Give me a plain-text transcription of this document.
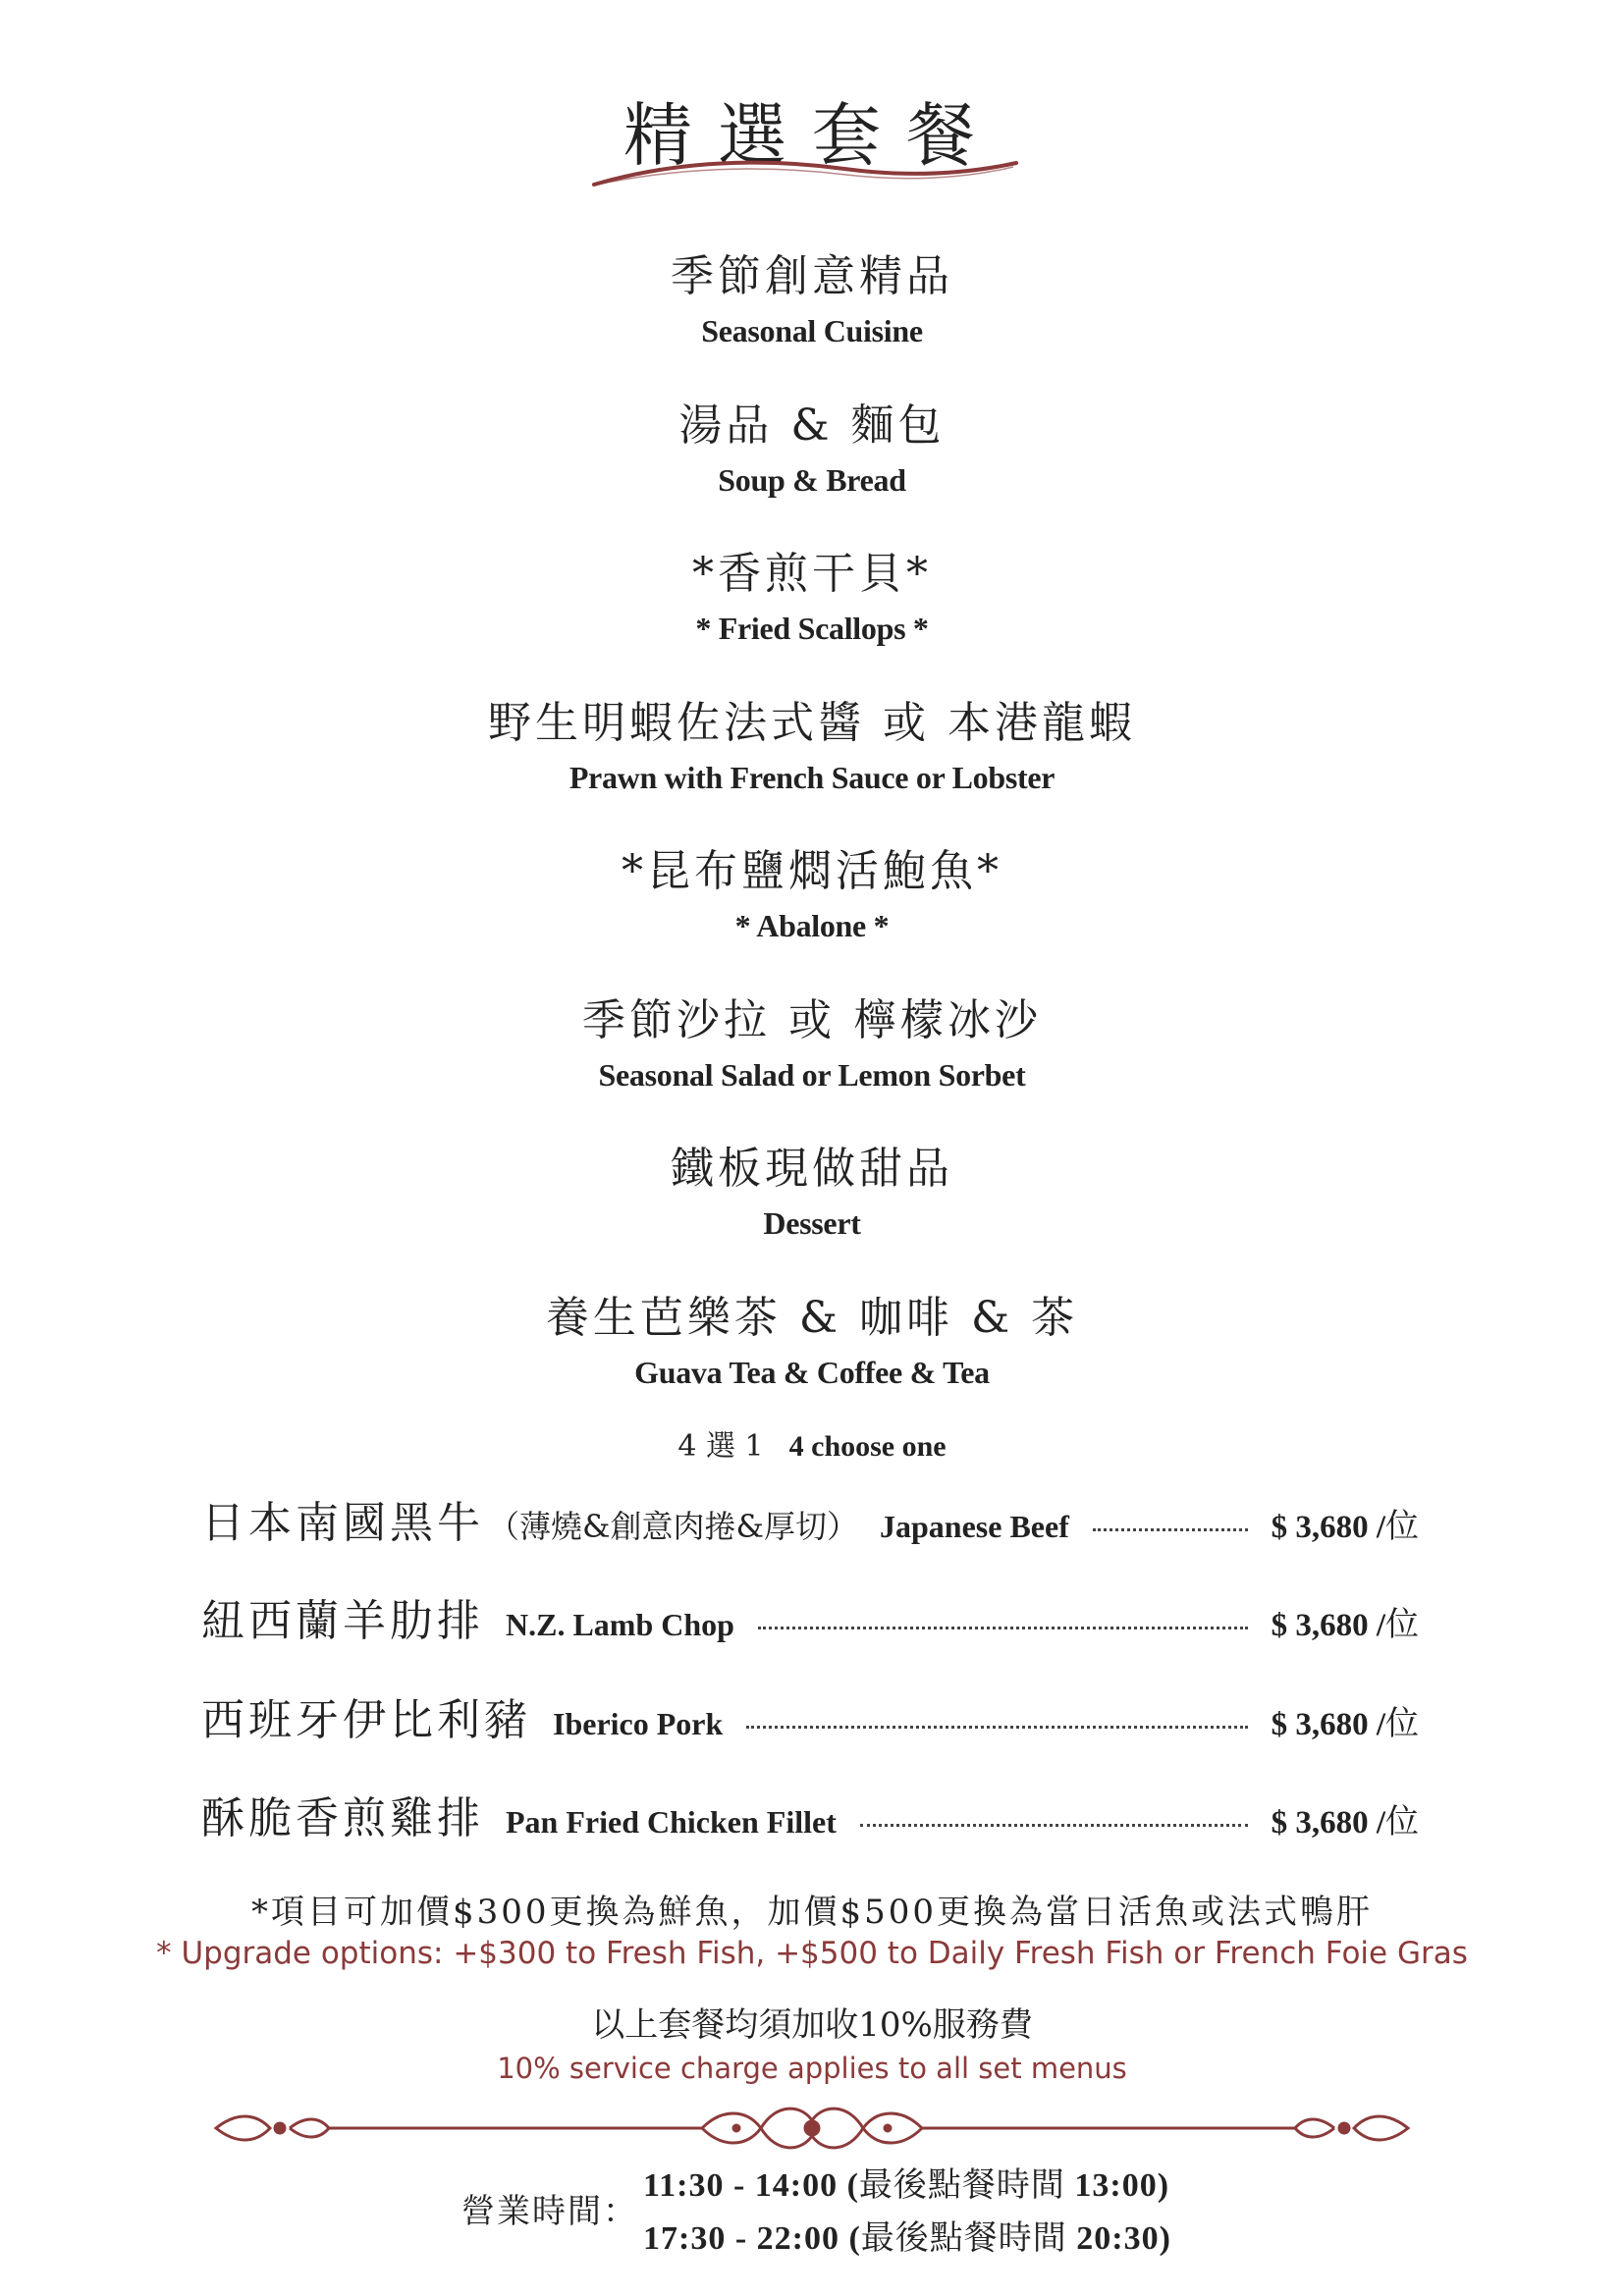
精選套餐
季節創意精品
Seasonal Cuisine
湯品 & 麵包
Soup & Bread
*香煎干貝*
* Fried Scallops *
野生明蝦佐法式醬 或 本港龍蝦
Prawn with French Sauce or Lobster
*昆布鹽燜活鮑魚*
* Abalone *
季節沙拉 或 檸檬冰沙
Seasonal Salad or Lemon Sorbet
鐵板現做甜品
Dessert
養生芭樂茶 & 咖啡 & 茶
Guava Tea & Coffee & Tea
4 選 1 4 choose one
日本南國黑牛 （薄燒&創意肉捲&厚切） Japanese Beef	$ 3,680 /位
紐西蘭羊肋排 N.Z. Lamb Chop	$ 3,680 /位
西班牙伊比利豬 Iberico Pork	$ 3,680 /位
酥脆香煎雞排 Pan Fried Chicken Fillet	$ 3,680 /位
*項目可加價$300更換為鮮魚，加價$500更換為當日活魚或法式鴨肝
* Upgrade options: +$300 to Fresh Fish, +$500 to Daily Fresh Fish or French Foie Gras
以上套餐均須加收10%服務費
10% service charge applies to all set menus
營業時間：
11:30 - 14:00 (最後點餐時間 13:00)
17:30 - 22:00 (最後點餐時間 20:30)
